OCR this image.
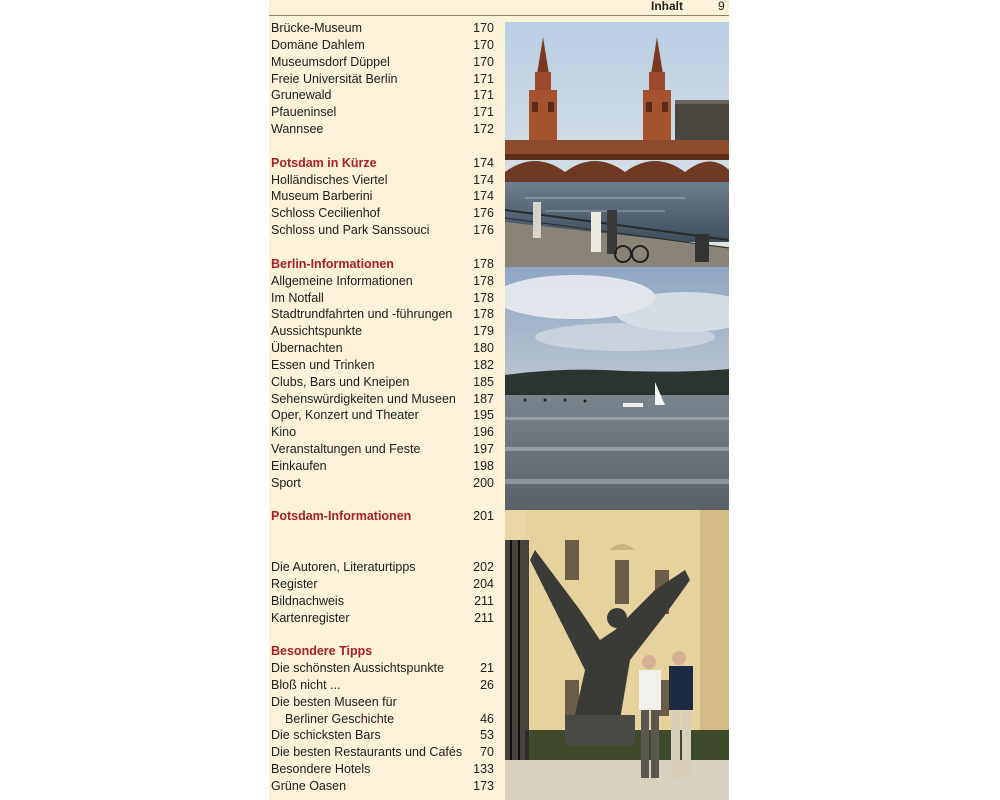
Inhalt	9
Brücke-Museum	170
Domäne Dahlem	170
Museumsdorf Düppel	170
Freie Universität Berlin	171
Grunewald	171
Pfaueninsel	171
Wannsee	172
Potsdam in Kürze	174
Holländisches Viertel	174
Museum Barberini	174
Schloss Cecilienhof	176
Schloss und Park Sanssouci	176
Berlin-Informationen	178
Allgemeine Informationen	178
Im Notfall	178
Stadtrundfahrten und -führungen 178
Aussichtspunkte	179
Übernachten	180
Essen und Trinken	182
Clubs, Bars und Kneipen	185
Sehenswürdigkeiten und Museen 187
Oper, Konzert und Theater	195
Kino	196
Veranstaltungen und Feste	197
Einkaufen	198
Sport	200
Potsdam-Informationen	201
Die Autoren, Literaturtipps	202
Register	204
Bildnachweis	211
Kartenregister	211
Besondere Tipps
Die schönsten Aussichtspunkte	21
Bloß nicht ...	26
Die besten Museen für
Berliner Geschichte	46
Die schicksten Bars	53
Die besten Restaurants und Cafés 70
Besondere Hotels	133
Grüne Oasen	173
